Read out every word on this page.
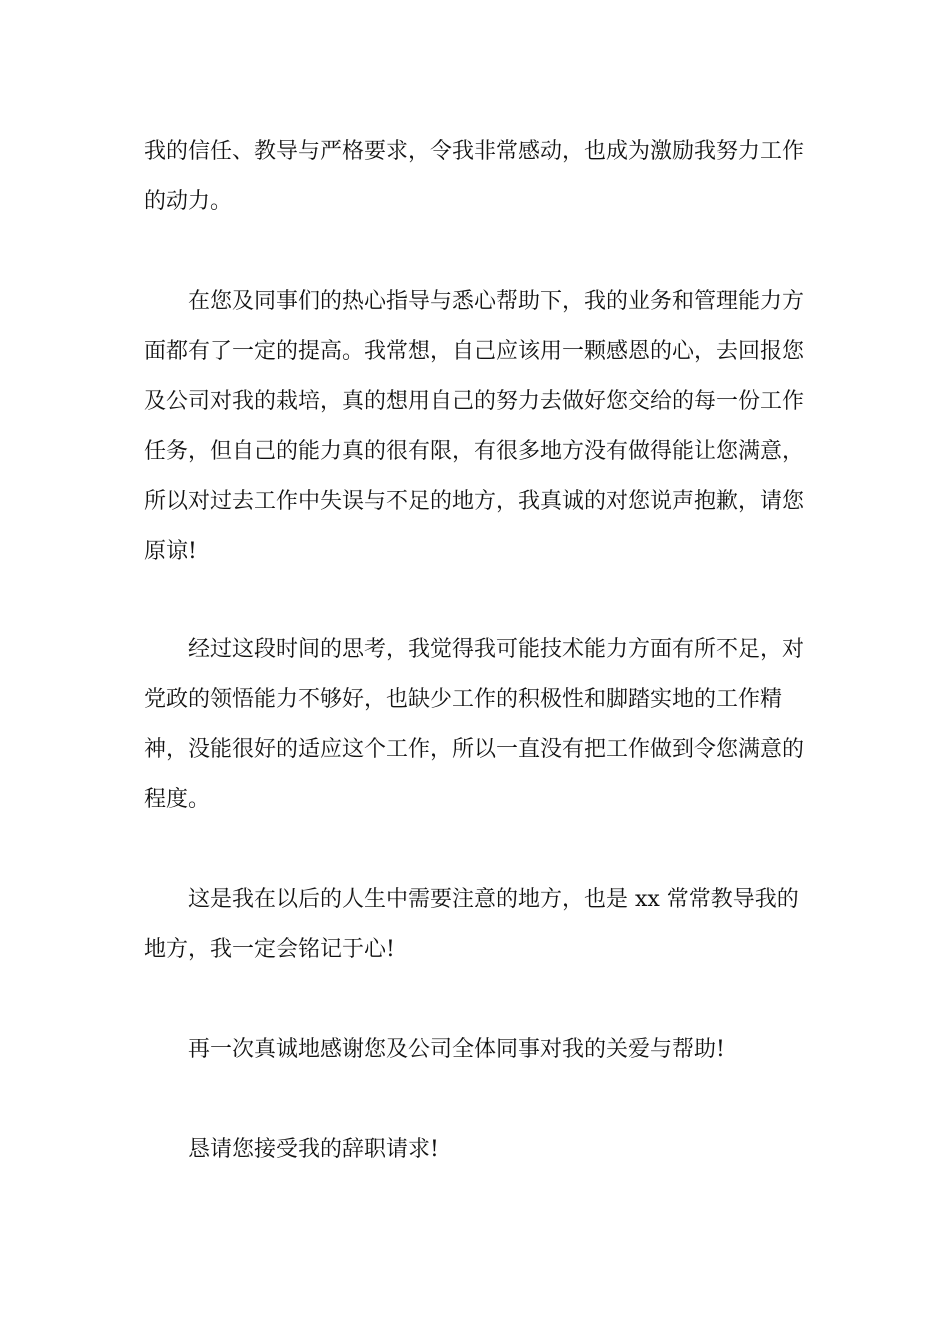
我的信任、教导与严格要求，令我非常感动，也成为激励我努力工作的动力。

　　在您及同事们的热心指导与悉心帮助下，我的业务和管理能力方面都有了一定的提高。我常想，自己应该用一颗感恩的心，去回报您及公司对我的栽培，真的想用自己的努力去做好您交给的每一份工作任务，但自己的能力真的很有限，有很多地方没有做得能让您满意，所以对过去工作中失误与不足的地方，我真诚的对您说声抱歉，请您原谅!

　　经过这段时间的思考，我觉得我可能技术能力方面有所不足，对党政的领悟能力不够好，也缺少工作的积极性和脚踏实地的工作精神，没能很好的适应这个工作，所以一直没有把工作做到令您满意的程度。

　　这是我在以后的人生中需要注意的地方，也是 xx 常常教导我的地方，我一定会铭记于心!

　　再一次真诚地感谢您及公司全体同事对我的关爱与帮助!

　　恳请您接受我的辞职请求!
